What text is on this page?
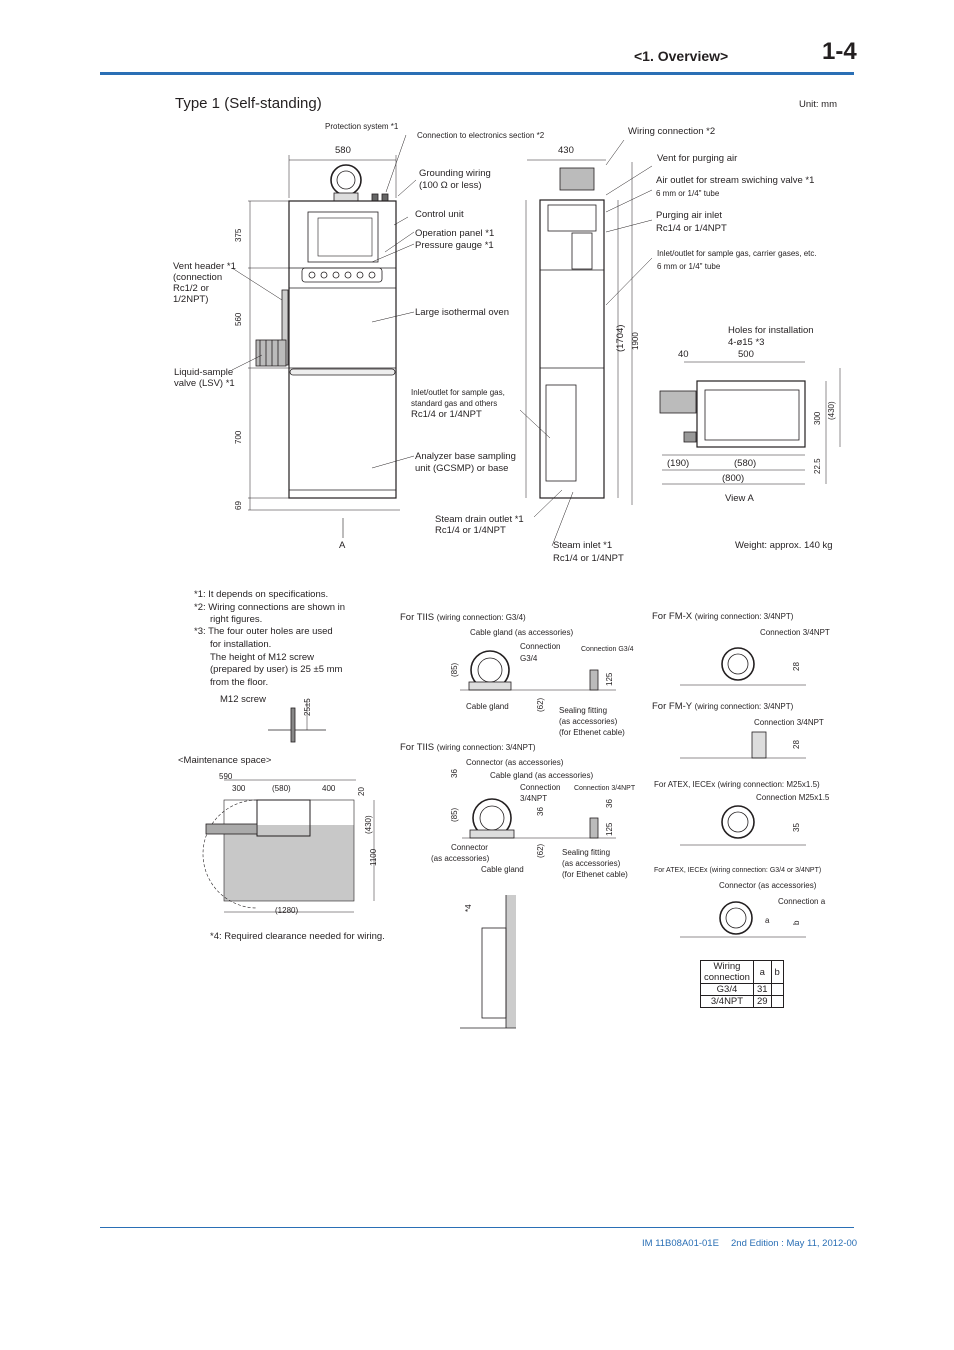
<1. Overview>	1-4
Type 1 (Self-standing)	Unit: mm
Protection system *1
Connection to electronics section *2
580
Grounding wiring
(100 Ω or less)
Control unit
Operation panel *1
Pressure gauge *1
Vent header *1
(connection
Rc1/2 or
1/2NPT)
Large isothermal oven
Liquid-sample
valve (LSV) *1
Inlet/outlet for sample gas,
standard gas and others
Rc1/4 or 1/4NPT
Analyzer base sampling
unit (GCSMP) or base
Steam drain outlet *1
Rc1/4 or 1/4NPT
Steam inlet *1
Rc1/4 or 1/4NPT
A
375
560
700
69
430
Wiring connection *2
Vent for purging air
Air outlet for stream swiching valve *1
6 mm or 1/4" tube
Purging air inlet
Rc1/4 or 1/4NPT
Inlet/outlet for sample gas, carrier gases, etc.
6 mm or 1/4" tube
(1704) 1900
Holes for installation
4-ø15 *3
40	500
300 (430)
(190)	(580)
(800)
22.5
View A
Weight: approx. 140 kg
*1: It depends on specifications.
*2: Wiring connections are shown in
right figures.
*3: The four outer holes are used
for installation.
The height of M12 screw
(prepared by user) is 25 ±5 mm
from the floor.
M12 screw	25±5
<Maintenance space>
590
300	(580)	400	20
(430)
1100
(1280)
*4: Required clearance needed for wiring.
*4
For TIIS (wiring connection: G3/4)
Cable gland (as accessories)
Connection
G3/4
Connection G3/4
(85)
(62)
125
Cable gland	Sealing fitting
(as accessories)
(for Ethenet cable)
For TIIS (wiring connection: 3/4NPT)
Connector (as accessories)
Cable gland (as accessories)
Connection
3/4NPT
Connection 3/4NPT
36
36
36
(85)
(62)
125
Connector
(as accessories)
Cable gland
Sealing fitting
(as accessories)
(for Ethenet cable)
For FM-X (wiring connection: 3/4NPT)
Connection 3/4NPT
28
For FM-Y (wiring connection: 3/4NPT)
Connection 3/4NPT
28
For ATEX, IECEx (wiring connection: M25x1.5)
Connection M25x1.5
35
For ATEX, IECEx (wiring connection: G3/4 or 3/4NPT)
Connector (as accessories)
Connection a
a	b
Wiring
connection	a	b
G3/4	31	
3/4NPT	29	
IM 11B08A01-01E 2nd Edition : May 11, 2012-00
